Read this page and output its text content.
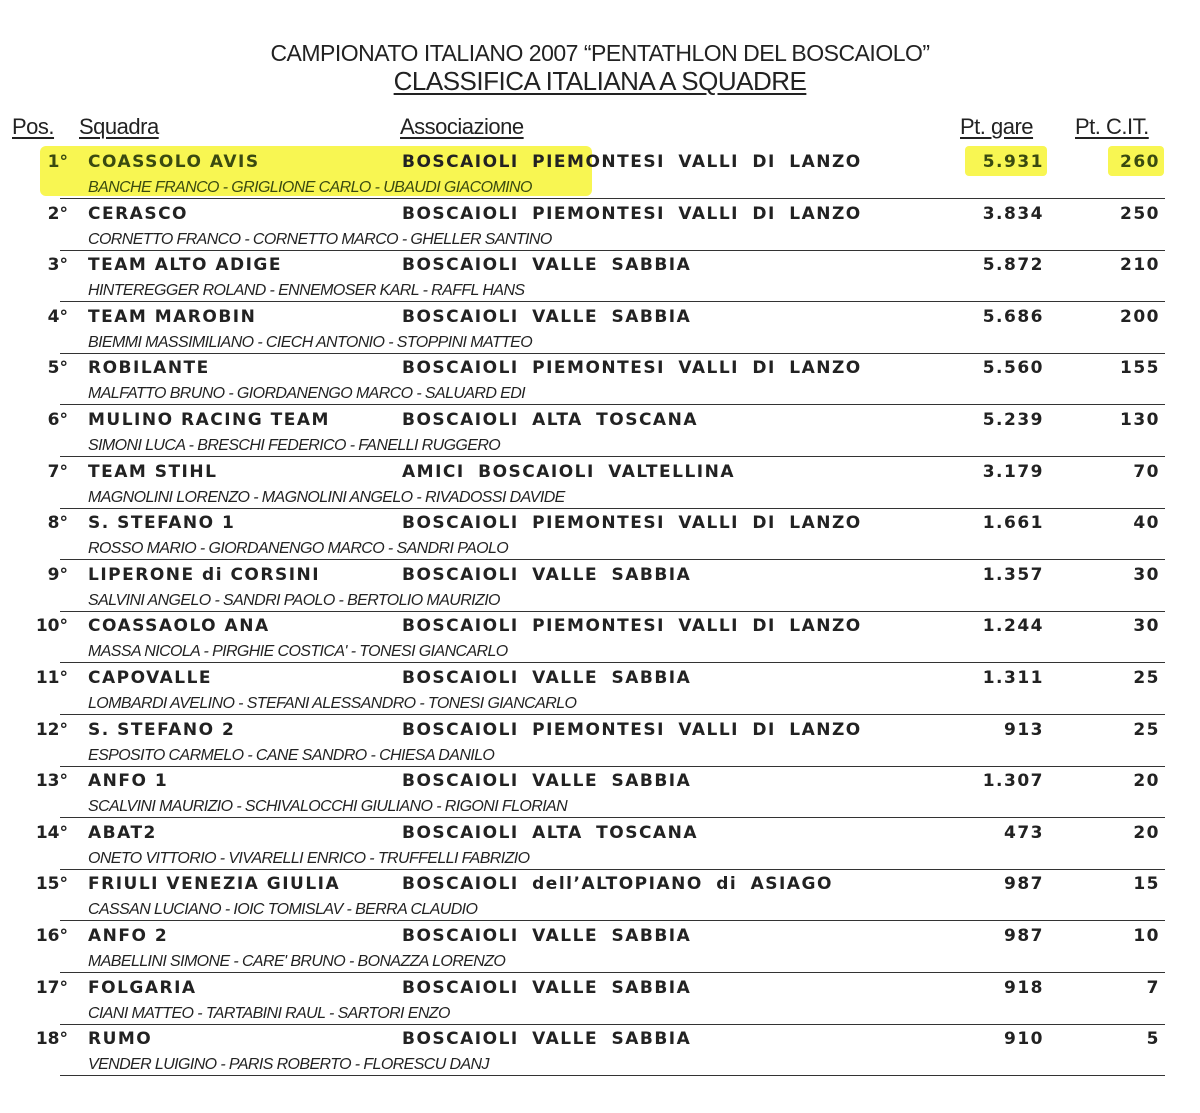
CAMPIONATO ITALIANO 2007 “PENTATHLON DEL BOSCAIOLO”
CLASSIFICA ITALIANA A SQUADRE
Pos. Squadra	Associazione	Pt. gare Pt. C.IT.
1° COASSOLO AVIS	BOSCAIOLI PIEMONTESI VALLI DI LANZO	5.931	260
BANCHE FRANCO - GRIGLIONE CARLO - UBAUDI GIACOMINO
2° CERASCO	BOSCAIOLI PIEMONTESI VALLI DI LANZO	3.834	250
CORNETTO FRANCO - CORNETTO MARCO - GHELLER SANTINO
3° TEAM ALTO ADIGE	BOSCAIOLI VALLE SABBIA	5.872	210
HINTEREGGER ROLAND - ENNEMOSER KARL - RAFFL HANS
4° TEAM MAROBIN	BOSCAIOLI VALLE SABBIA	5.686	200
BIEMMI MASSIMILIANO - CIECH ANTONIO - STOPPINI MATTEO
5° ROBILANTE	BOSCAIOLI PIEMONTESI VALLI DI LANZO	5.560	155
MALFATTO BRUNO - GIORDANENGO MARCO - SALUARD EDI
6° MULINO RACING TEAM	BOSCAIOLI ALTA TOSCANA	5.239	130
SIMONI LUCA - BRESCHI FEDERICO - FANELLI RUGGERO
7° TEAM STIHL	AMICI BOSCAIOLI VALTELLINA	3.179	70
MAGNOLINI LORENZO - MAGNOLINI ANGELO - RIVADOSSI DAVIDE
8° S. STEFANO 1	BOSCAIOLI PIEMONTESI VALLI DI LANZO	1.661	40
ROSSO MARIO - GIORDANENGO MARCO - SANDRI PAOLO
9° LIPERONE di CORSINI	BOSCAIOLI VALLE SABBIA	1.357	30
SALVINI ANGELO - SANDRI PAOLO - BERTOLIO MAURIZIO
10° COASSAOLO ANA	BOSCAIOLI PIEMONTESI VALLI DI LANZO	1.244	30
MASSA NICOLA - PIRGHIE COSTICA' - TONESI GIANCARLO
11° CAPOVALLE	BOSCAIOLI VALLE SABBIA	1.311	25
LOMBARDI AVELINO - STEFANI ALESSANDRO - TONESI GIANCARLO
12° S. STEFANO 2	BOSCAIOLI PIEMONTESI VALLI DI LANZO	913	25
ESPOSITO CARMELO - CANE SANDRO - CHIESA DANILO
13° ANFO 1	BOSCAIOLI VALLE SABBIA	1.307	20
SCALVINI MAURIZIO - SCHIVALOCCHI GIULIANO - RIGONI FLORIAN
14° ABAT2	BOSCAIOLI ALTA TOSCANA	473	20
ONETO VITTORIO - VIVARELLI ENRICO - TRUFFELLI FABRIZIO
15° FRIULI VENEZIA GIULIA	BOSCAIOLI dell’ALTOPIANO di ASIAGO	987	15
CASSAN LUCIANO - IOIC TOMISLAV - BERRA CLAUDIO
16° ANFO 2	BOSCAIOLI VALLE SABBIA	987	10
MABELLINI SIMONE - CARE' BRUNO - BONAZZA LORENZO
17° FOLGARIA	BOSCAIOLI VALLE SABBIA	918	7
CIANI MATTEO - TARTABINI RAUL - SARTORI ENZO
18° RUMO	BOSCAIOLI VALLE SABBIA	910	5
VENDER LUIGINO - PARIS ROBERTO - FLORESCU DANJ
